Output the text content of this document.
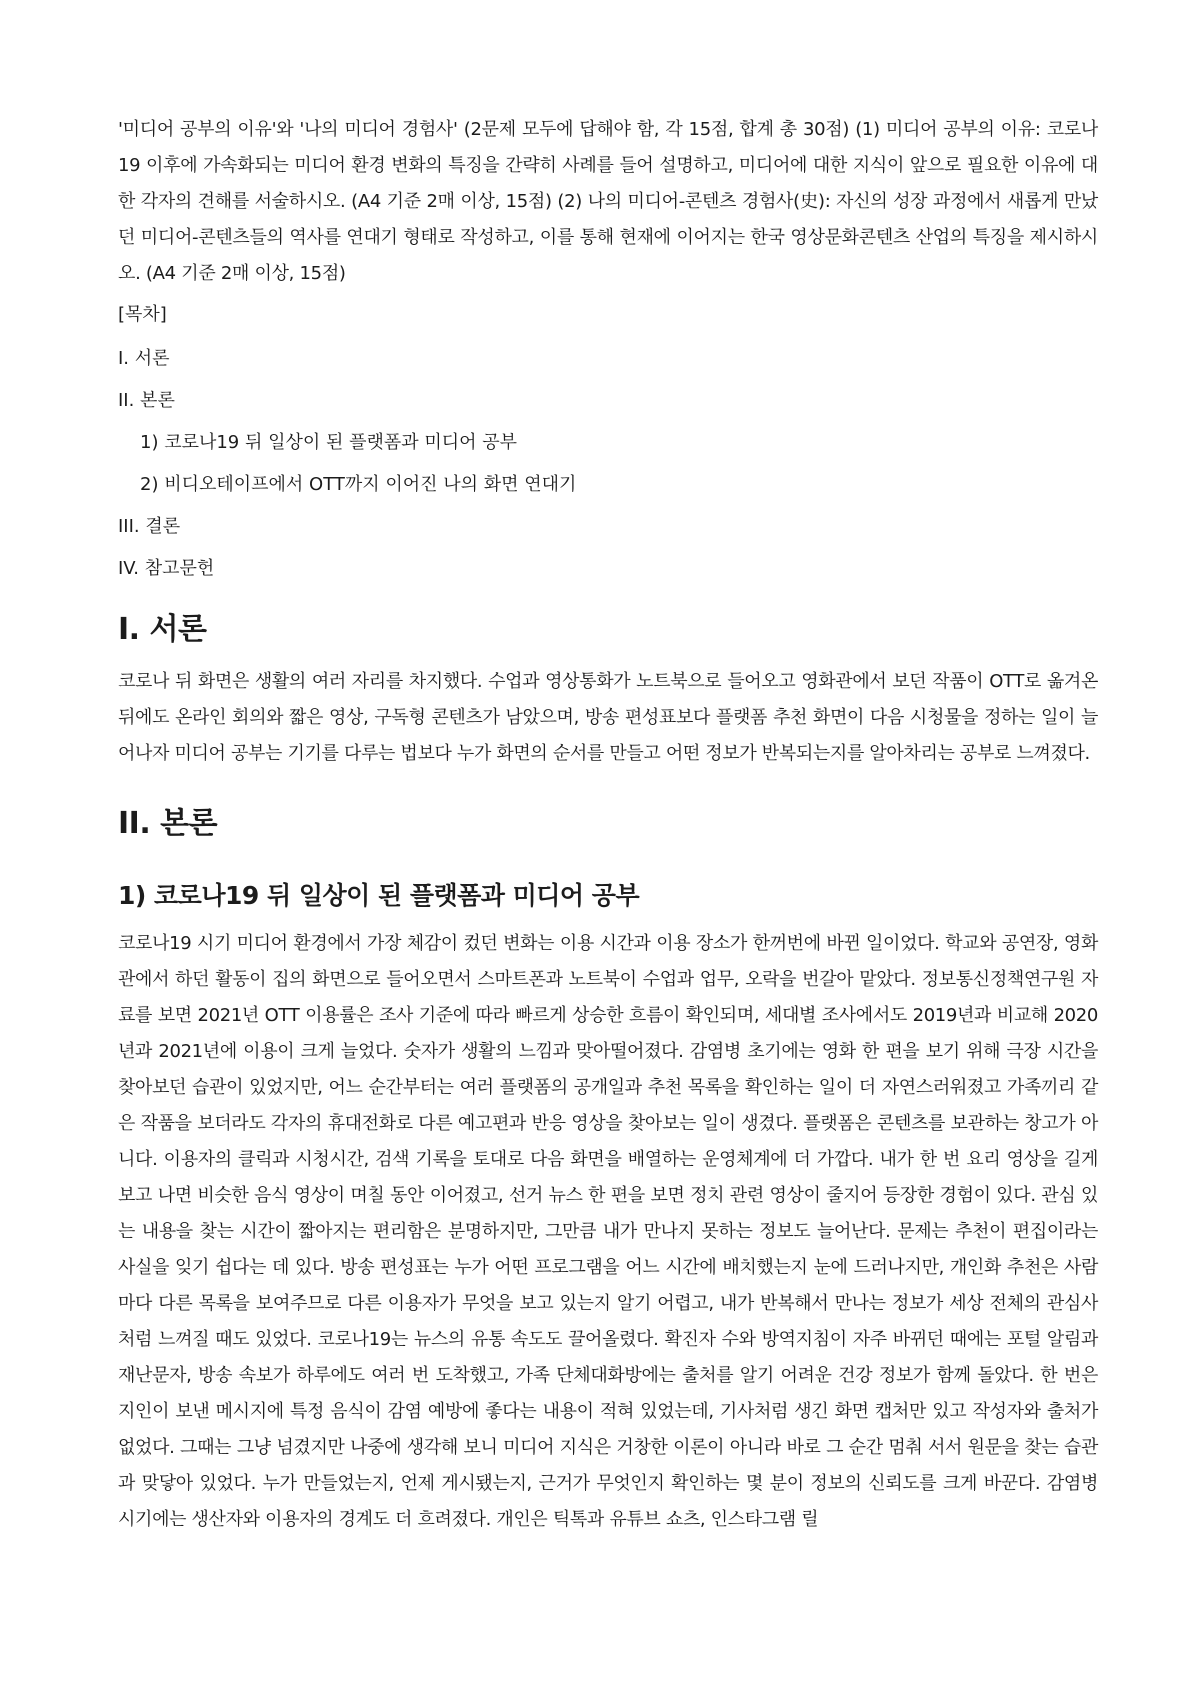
'미디어 공부의 이유'와 '나의 미디어 경험사' (2문제 모두에 답해야 함, 각 15점, 합계 총 30점) (1) 미디어 공부의 이유: 코로나19 이후에 가속화되는 미디어 환경 변화의 특징을 간략히 사례를 들어 설명하고, 미디어에 대한 지식이 앞으로 필요한 이유에 대한 각자의 견해를 서술하시오. (A4 기준 2매 이상, 15점) (2) 나의 미디어-콘텐츠 경험사(史): 자신의 성장 과정에서 새롭게 만났던 미디어-콘텐츠들의 역사를 연대기 형태로 작성하고, 이를 통해 현재에 이어지는 한국 영상문화콘텐츠 산업의 특징을 제시하시오. (A4 기준 2매 이상, 15점)

[목차]
I. 서론
II. 본론
1) 코로나19 뒤 일상이 된 플랫폼과 미디어 공부
2) 비디오테이프에서 OTT까지 이어진 나의 화면 연대기
III. 결론
IV. 참고문헌
I. 서론

코로나 뒤 화면은 생활의 여러 자리를 차지했다. 수업과 영상통화가 노트북으로 들어오고 영화관에서 보던 작품이 OTT로 옮겨온 뒤에도 온라인 회의와 짧은 영상, 구독형 콘텐츠가 남았으며, 방송 편성표보다 플랫폼 추천 화면이 다음 시청물을 정하는 일이 늘어나자 미디어 공부는 기기를 다루는 법보다 누가 화면의 순서를 만들고 어떤 정보가 반복되는지를 알아차리는 공부로 느껴졌다.

II. 본론
1) 코로나19 뒤 일상이 된 플랫폼과 미디어 공부

코로나19 시기 미디어 환경에서 가장 체감이 컸던 변화는 이용 시간과 이용 장소가 한꺼번에 바뀐 일이었다. 학교와 공연장, 영화관에서 하던 활동이 집의 화면으로 들어오면서 스마트폰과 노트북이 수업과 업무, 오락을 번갈아 맡았다. 정보통신정책연구원 자료를 보면 2021년 OTT 이용률은 조사 기준에 따라 빠르게 상승한 흐름이 확인되며, 세대별 조사에서도 2019년과 비교해 2020년과 2021년에 이용이 크게 늘었다. 숫자가 생활의 느낌과 맞아떨어졌다. 감염병 초기에는 영화 한 편을 보기 위해 극장 시간을 찾아보던 습관이 있었지만, 어느 순간부터는 여러 플랫폼의 공개일과 추천 목록을 확인하는 일이 더 자연스러워졌고 가족끼리 같은 작품을 보더라도 각자의 휴대전화로 다른 예고편과 반응 영상을 찾아보는 일이 생겼다. 플랫폼은 콘텐츠를 보관하는 창고가 아니다. 이용자의 클릭과 시청시간, 검색 기록을 토대로 다음 화면을 배열하는 운영체계에 더 가깝다. 내가 한 번 요리 영상을 길게 보고 나면 비슷한 음식 영상이 며칠 동안 이어졌고, 선거 뉴스 한 편을 보면 정치 관련 영상이 줄지어 등장한 경험이 있다. 관심 있는 내용을 찾는 시간이 짧아지는 편리함은 분명하지만, 그만큼 내가 만나지 못하는 정보도 늘어난다. 문제는 추천이 편집이라는 사실을 잊기 쉽다는 데 있다. 방송 편성표는 누가 어떤 프로그램을 어느 시간에 배치했는지 눈에 드러나지만, 개인화 추천은 사람마다 다른 목록을 보여주므로 다른 이용자가 무엇을 보고 있는지 알기 어렵고, 내가 반복해서 만나는 정보가 세상 전체의 관심사처럼 느껴질 때도 있었다. 코로나19는 뉴스의 유통 속도도 끌어올렸다. 확진자 수와 방역지침이 자주 바뀌던 때에는 포털 알림과 재난문자, 방송 속보가 하루에도 여러 번 도착했고, 가족 단체대화방에는 출처를 알기 어려운 건강 정보가 함께 돌았다. 한 번은 지인이 보낸 메시지에 특정 음식이 감염 예방에 좋다는 내용이 적혀 있었는데, 기사처럼 생긴 화면 캡처만 있고 작성자와 출처가 없었다. 그때는 그냥 넘겼지만 나중에 생각해 보니 미디어 지식은 거창한 이론이 아니라 바로 그 순간 멈춰 서서 원문을 찾는 습관과 맞닿아 있었다. 누가 만들었는지, 언제 게시됐는지, 근거가 무엇인지 확인하는 몇 분이 정보의 신뢰도를 크게 바꾼다. 감염병 시기에는 생산자와 이용자의 경계도 더 흐려졌다. 개인은 틱톡과 유튜브 쇼츠, 인스타그램 릴
